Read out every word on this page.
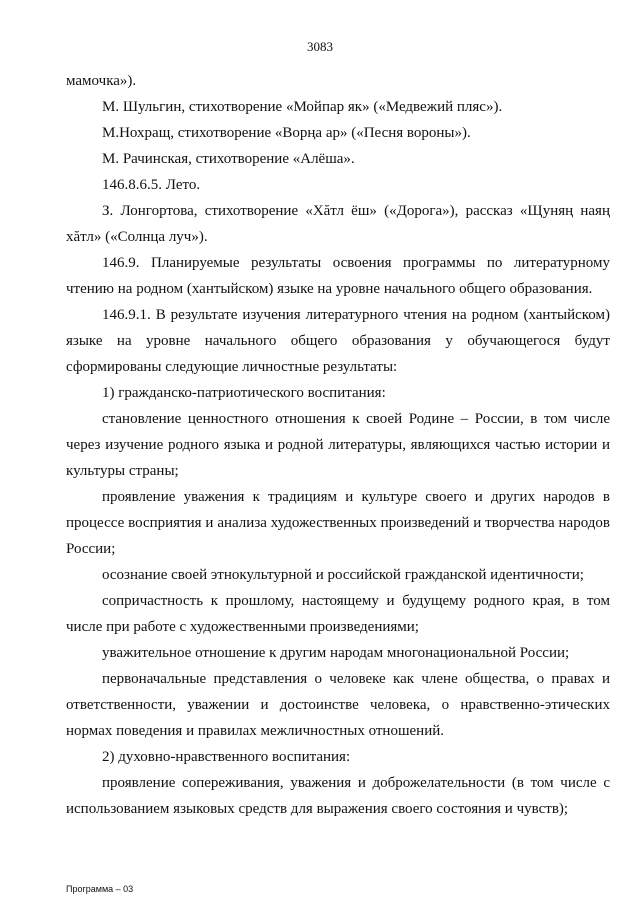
3083

мамочка»).

М. Шульгин, стихотворение «Мойпар як» («Медвежий пляс»).

М.Нохращ, стихотворение «Ворңа ар» («Песня вороны»).

М. Рачинская, стихотворение «Алёша».

146.8.6.5. Лето.

З. Лонгортова, стихотворение «Хăтл ёш» («Дорога»), рассказ «Щуняң наяң хăтл» («Солнца луч»).

146.9. Планируемые результаты освоения программы по литературному чтению на родном (хантыйском) языке на уровне начального общего образования.

146.9.1. В результате изучения литературного чтения на родном (хантыйском) языке на уровне начального общего образования у обучающегося будут сформированы следующие личностные результаты:

1) гражданско-патриотического воспитания:

становление ценностного отношения к своей Родине – России, в том числе через изучение родного языка и родной литературы, являющихся частью истории и культуры страны;

проявление уважения к традициям и культуре своего и других народов в процессе восприятия и анализа художественных произведений и творчества народов России;

осознание своей этнокультурной и российской гражданской идентичности;

сопричастность к прошлому, настоящему и будущему родного края, в том числе при работе с художественными произведениями;

уважительное отношение к другим народам многонациональной России;

первоначальные представления о человеке как члене общества, о правах и ответственности, уважении и достоинстве человека, о нравственно-этических нормах поведения и правилах межличностных отношений.

2) духовно-нравственного воспитания:

проявление сопереживания, уважения и доброжелательности (в том числе с использованием языковых средств для выражения своего состояния и чувств);

Программа – 03
